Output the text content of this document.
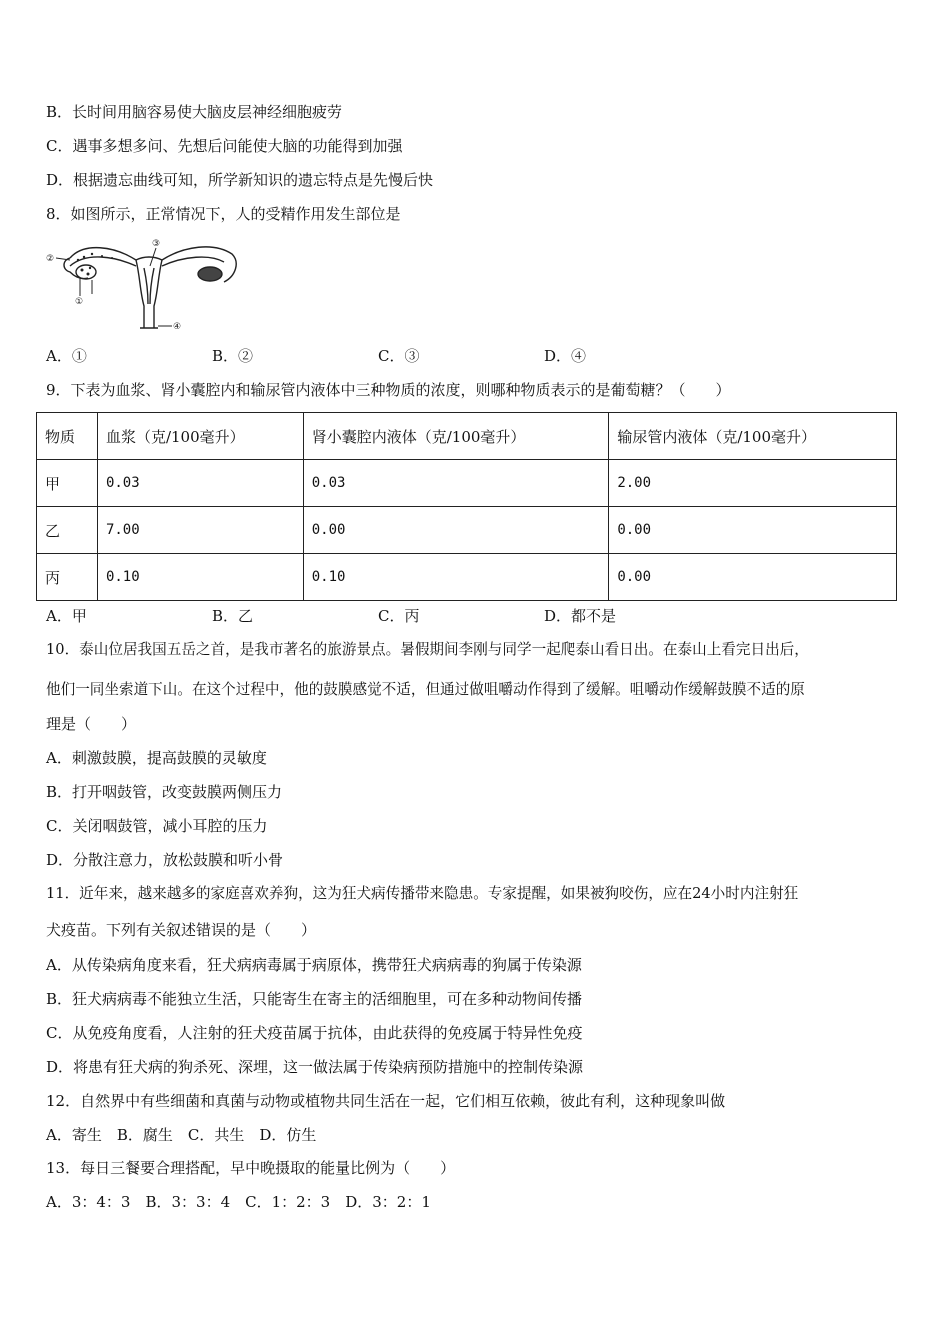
B．长时间用脑容易使大脑皮层神经细胞疲劳
C．遇事多想多问、先想后问能使大脑的功能得到加强
D．根据遗忘曲线可知，所学新知识的遗忘特点是先慢后快
8．如图所示，正常情况下，人的受精作用发生部位是
②
①
③
④
A．①	B．②	C．③	D．④
9．下表为血浆、肾小囊腔内和输尿管内液体中三种物质的浓度，则哪种物质表示的是葡萄糖？（　　）
物质	血浆（克/100毫升）	肾小囊腔内液体（克/100毫升）	输尿管内液体（克/100毫升）
甲	0.03	0.03	2.00
乙	7.00	0.00	0.00
丙	0.10	0.10	0.00
A．甲	B．乙	C．丙	D．都不是
10．泰山位居我国五岳之首，是我市著名的旅游景点。暑假期间李刚与同学一起爬泰山看日出。在泰山上看完日出后，
他们一同坐索道下山。在这个过程中，他的鼓膜感觉不适，但通过做咀嚼动作得到了缓解。咀嚼动作缓解鼓膜不适的原
理是（　　）
A．刺激鼓膜，提高鼓膜的灵敏度
B．打开咽鼓管，改变鼓膜两侧压力
C．关闭咽鼓管，减小耳腔的压力
D．分散注意力，放松鼓膜和听小骨
11．近年来，越来越多的家庭喜欢养狗，这为狂犬病传播带来隐患。专家提醒，如果被狗咬伤，应在24小时内注射狂
犬疫苗。下列有关叙述错误的是（　　）
A．从传染病角度来看，狂犬病病毒属于病原体，携带狂犬病病毒的狗属于传染源
B．狂犬病病毒不能独立生活，只能寄生在寄主的活细胞里，可在多种动物间传播
C．从免疫角度看，人注射的狂犬疫苗属于抗体，由此获得的免疫属于特异性免疫
D．将患有狂犬病的狗杀死、深埋，这一做法属于传染病预防措施中的控制传染源
12．自然界中有些细菌和真菌与动物或植物共同生活在一起，它们相互依赖，彼此有利，这种现象叫做
A．寄生　B．腐生　C．共生　D．仿生
13．每日三餐要合理搭配，早中晚摄取的能量比例为（　　）
A．3：4：3　B．3：3：4　C．1：2：3　D．3：2：1
